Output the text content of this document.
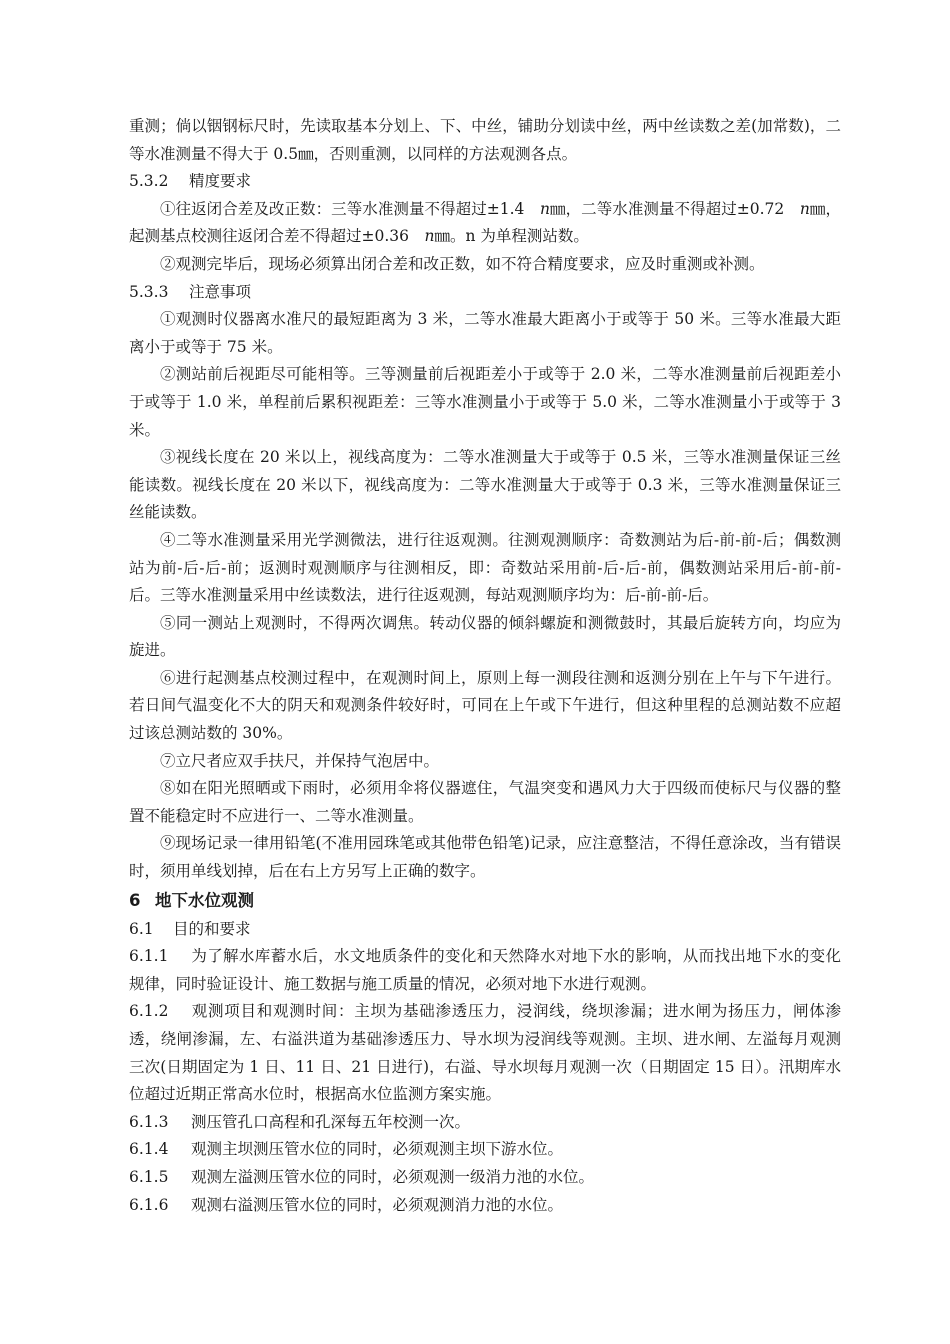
重测；倘以铟钢标尺时，先读取基本分划上、下、中丝，铺助分划读中丝，两中丝读数之差(加常数)，二等水准测量不得大于 0.5㎜，否则重测，以同样的方法观测各点。

5.3.2 精度要求

①往返闭合差及改正数：三等水准测量不得超过±1.4　𝑛㎜，二等水准测量不得超过±0.72　𝑛㎜，起测基点校测往返闭合差不得超过±0.36　𝑛㎜。n 为单程测站数。

②观测完毕后，现场必须算出闭合差和改正数，如不符合精度要求，应及时重测或补测。

5.3.3 注意事项

①观测时仪器离水准尺的最短距离为 3 米，二等水准最大距离小于或等于 50 米。三等水准最大距离小于或等于 75 米。

②测站前后视距尽可能相等。三等测量前后视距差小于或等于 2.0 米，二等水准测量前后视距差小于或等于 1.0 米，单程前后累积视距差：三等水准测量小于或等于 5.0 米，二等水准测量小于或等于 3 米。

③视线长度在 20 米以上，视线高度为：二等水准测量大于或等于 0.5 米，三等水准测量保证三丝能读数。视线长度在 20 米以下，视线高度为：二等水准测量大于或等于 0.3 米，三等水准测量保证三丝能读数。

④二等水准测量采用光学测微法，进行往返观测。往测观测顺序：奇数测站为后-前-前-后；偶数测站为前-后-后-前；返测时观测顺序与往测相反，即：奇数站采用前-后-后-前，偶数测站采用后-前-前-后。三等水准测量采用中丝读数法，进行往返观测，每站观测顺序均为：后-前-前-后。

⑤同一测站上观测时，不得两次调焦。转动仪器的倾斜螺旋和测微鼓时，其最后旋转方向，均应为旋进。

⑥进行起测基点校测过程中，在观测时间上，原则上每一测段往测和返测分别在上午与下午进行。若日间气温变化不大的阴天和观测条件较好时，可同在上午或下午进行，但这种里程的总测站数不应超过该总测站数的 30%。

⑦立尺者应双手扶尺，并保持气泡居中。

⑧如在阳光照晒或下雨时，必须用伞将仪器遮住，气温突变和遇风力大于四级而使标尺与仪器的整置不能稳定时不应进行一、二等水准测量。

⑨现场记录一律用铅笔(不准用园珠笔或其他带色铅笔)记录，应注意整洁，不得任意涂改，当有错误时，须用单线划掉，后在右上方另写上正确的数字。

6 地下水位观测

6.1 目的和要求

6.1.1 为了解水库蓄水后，水文地质条件的变化和天然降水对地下水的影响，从而找出地下水的变化规律，同时验证设计、施工数据与施工质量的情况，必须对地下水进行观测。

6.1.2 观测项目和观测时间：主坝为基础渗透压力，浸润线，绕坝渗漏；进水闸为扬压力，闸体渗透，绕闸渗漏，左、右溢洪道为基础渗透压力、导水坝为浸润线等观测。主坝、进水闸、左溢每月观测三次(日期固定为 1 日、11 日、21 日进行)，右溢、导水坝每月观测一次（日期固定 15 日）。汛期库水位超过近期正常高水位时，根据高水位监测方案实施。

6.1.3 测压管孔口高程和孔深每五年校测一次。

6.1.4 观测主坝测压管水位的同时，必须观测主坝下游水位。

6.1.5 观测左溢测压管水位的同时，必须观测一级消力池的水位。

6.1.6 观测右溢测压管水位的同时，必须观测消力池的水位。
